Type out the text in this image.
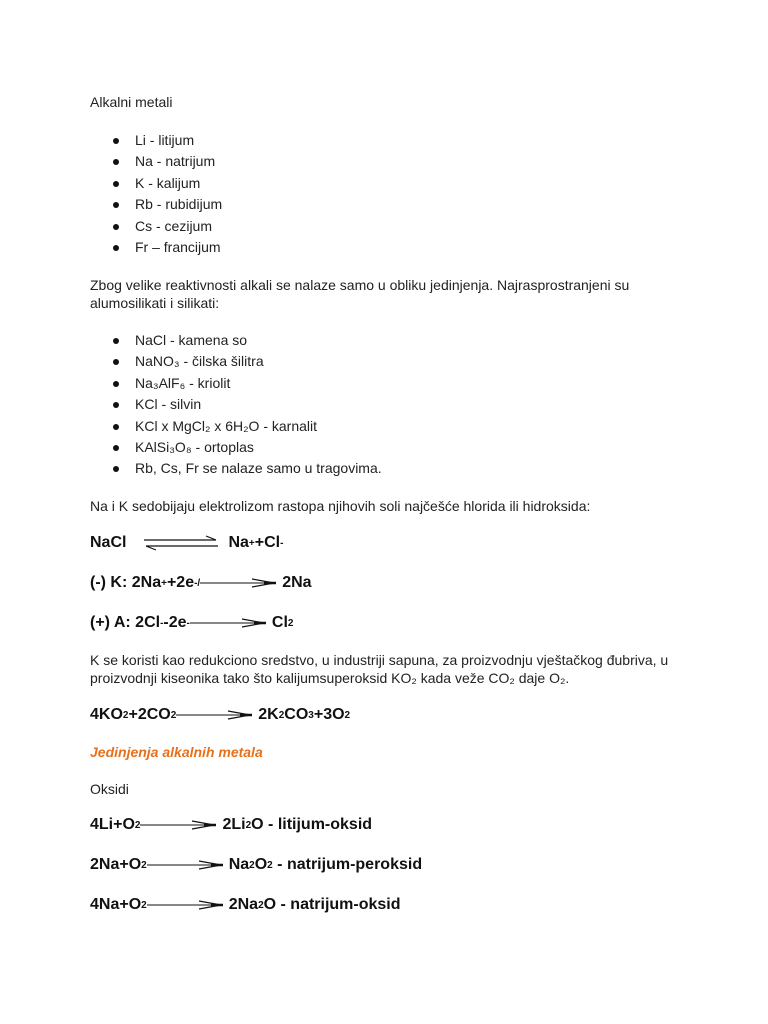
Alkalni metali
Li - litijum
Na - natrijum
K - kalijum
Rb - rubidijum
Cs - cezijum
Fr – francijum
Zbog velike reaktivnosti alkali se nalaze samo u obliku jedinjenja. Najrasprostranjeni su alumosilikati i silikati:
NaCl - kamena so
NaNO₃ - čilska šilitra
Na₃AlF₆ - kriolit
KCl - silvin
KCl x MgCl₂ x 6H₂O - karnalit
KAlSi₃O₈ - ortoplas
Rb, Cs, Fr se nalaze samo u tragovima.
Na i K sedobijaju elektrolizom rastopa njihovih soli najčešće hlorida ili hidroksida:
NaCl	Na + +Cl -
(-) K: 2Na + +2e -/	2Na
(+) A: 2Cl - -2e -	Cl 2
K se koristi kao redukciono sredstvo, u industriji sapuna, za proizvodnju vještačkog đubriva, u proizvodnji kiseonika tako što kalijumsuperoksid KO₂ kada veže CO₂ daje O₂.
4KO 2 +2CO 2	2K 2 CO 3 +3O 2
Jedinjenja alkalnih metala
Oksidi
4Li+O 2	2Li 2 O - litijum-oksid
2Na+O 2	Na 2 O 2 - natrijum-peroksid
4Na+O 2	2Na 2 O - natrijum-oksid
